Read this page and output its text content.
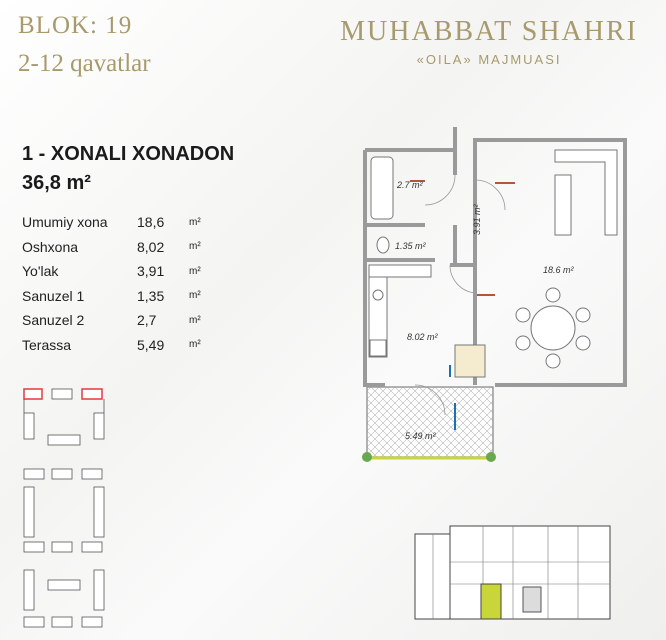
BLOK: 19
2-12 qavatlar
MUHABBAT SHAHRI
«OILA» MAJMUASI
1 - XONALI XONADON
36,8 m²
Umumiy xona	18,6	m²
Oshxona	8,02	m²
Yo'lak	3,91	m²
Sanuzel 1	1,35	m²
Sanuzel 2	2,7	m²
Terassa	5,49	m²
2.7 m²
1.35 m²
3.91 m²
18.6 m²
8.02 m²
5.49 m²
